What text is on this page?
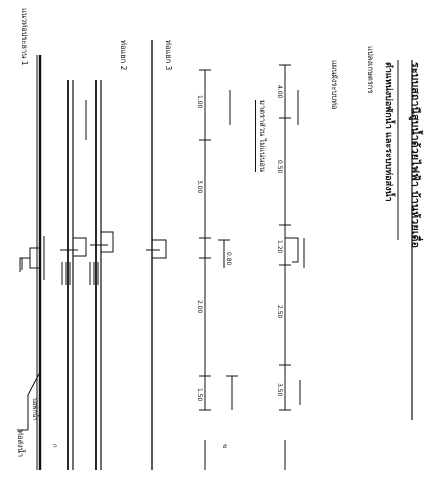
ระบบสถานีสูบน้ำด้วยไฟฟ้า บ้านห้วยเดื่อ
ตำแหน่งบ่อพักน้ำ และระบบท่อส่งน้ำ
แปลงเกษตรกร
แผนผังระบบท่อ
มาตราส่วน ไม่แน่นอน
แนวท่อประธาน 1	ท่อแยก 2	ท่อแยก 3
ท่อส่งน้ำ
บ่อพักน้ำ
ก	ข
1.00
3.00
2.00
1.50
4.00
0.50
1.20
2.50
3.50
0.80
